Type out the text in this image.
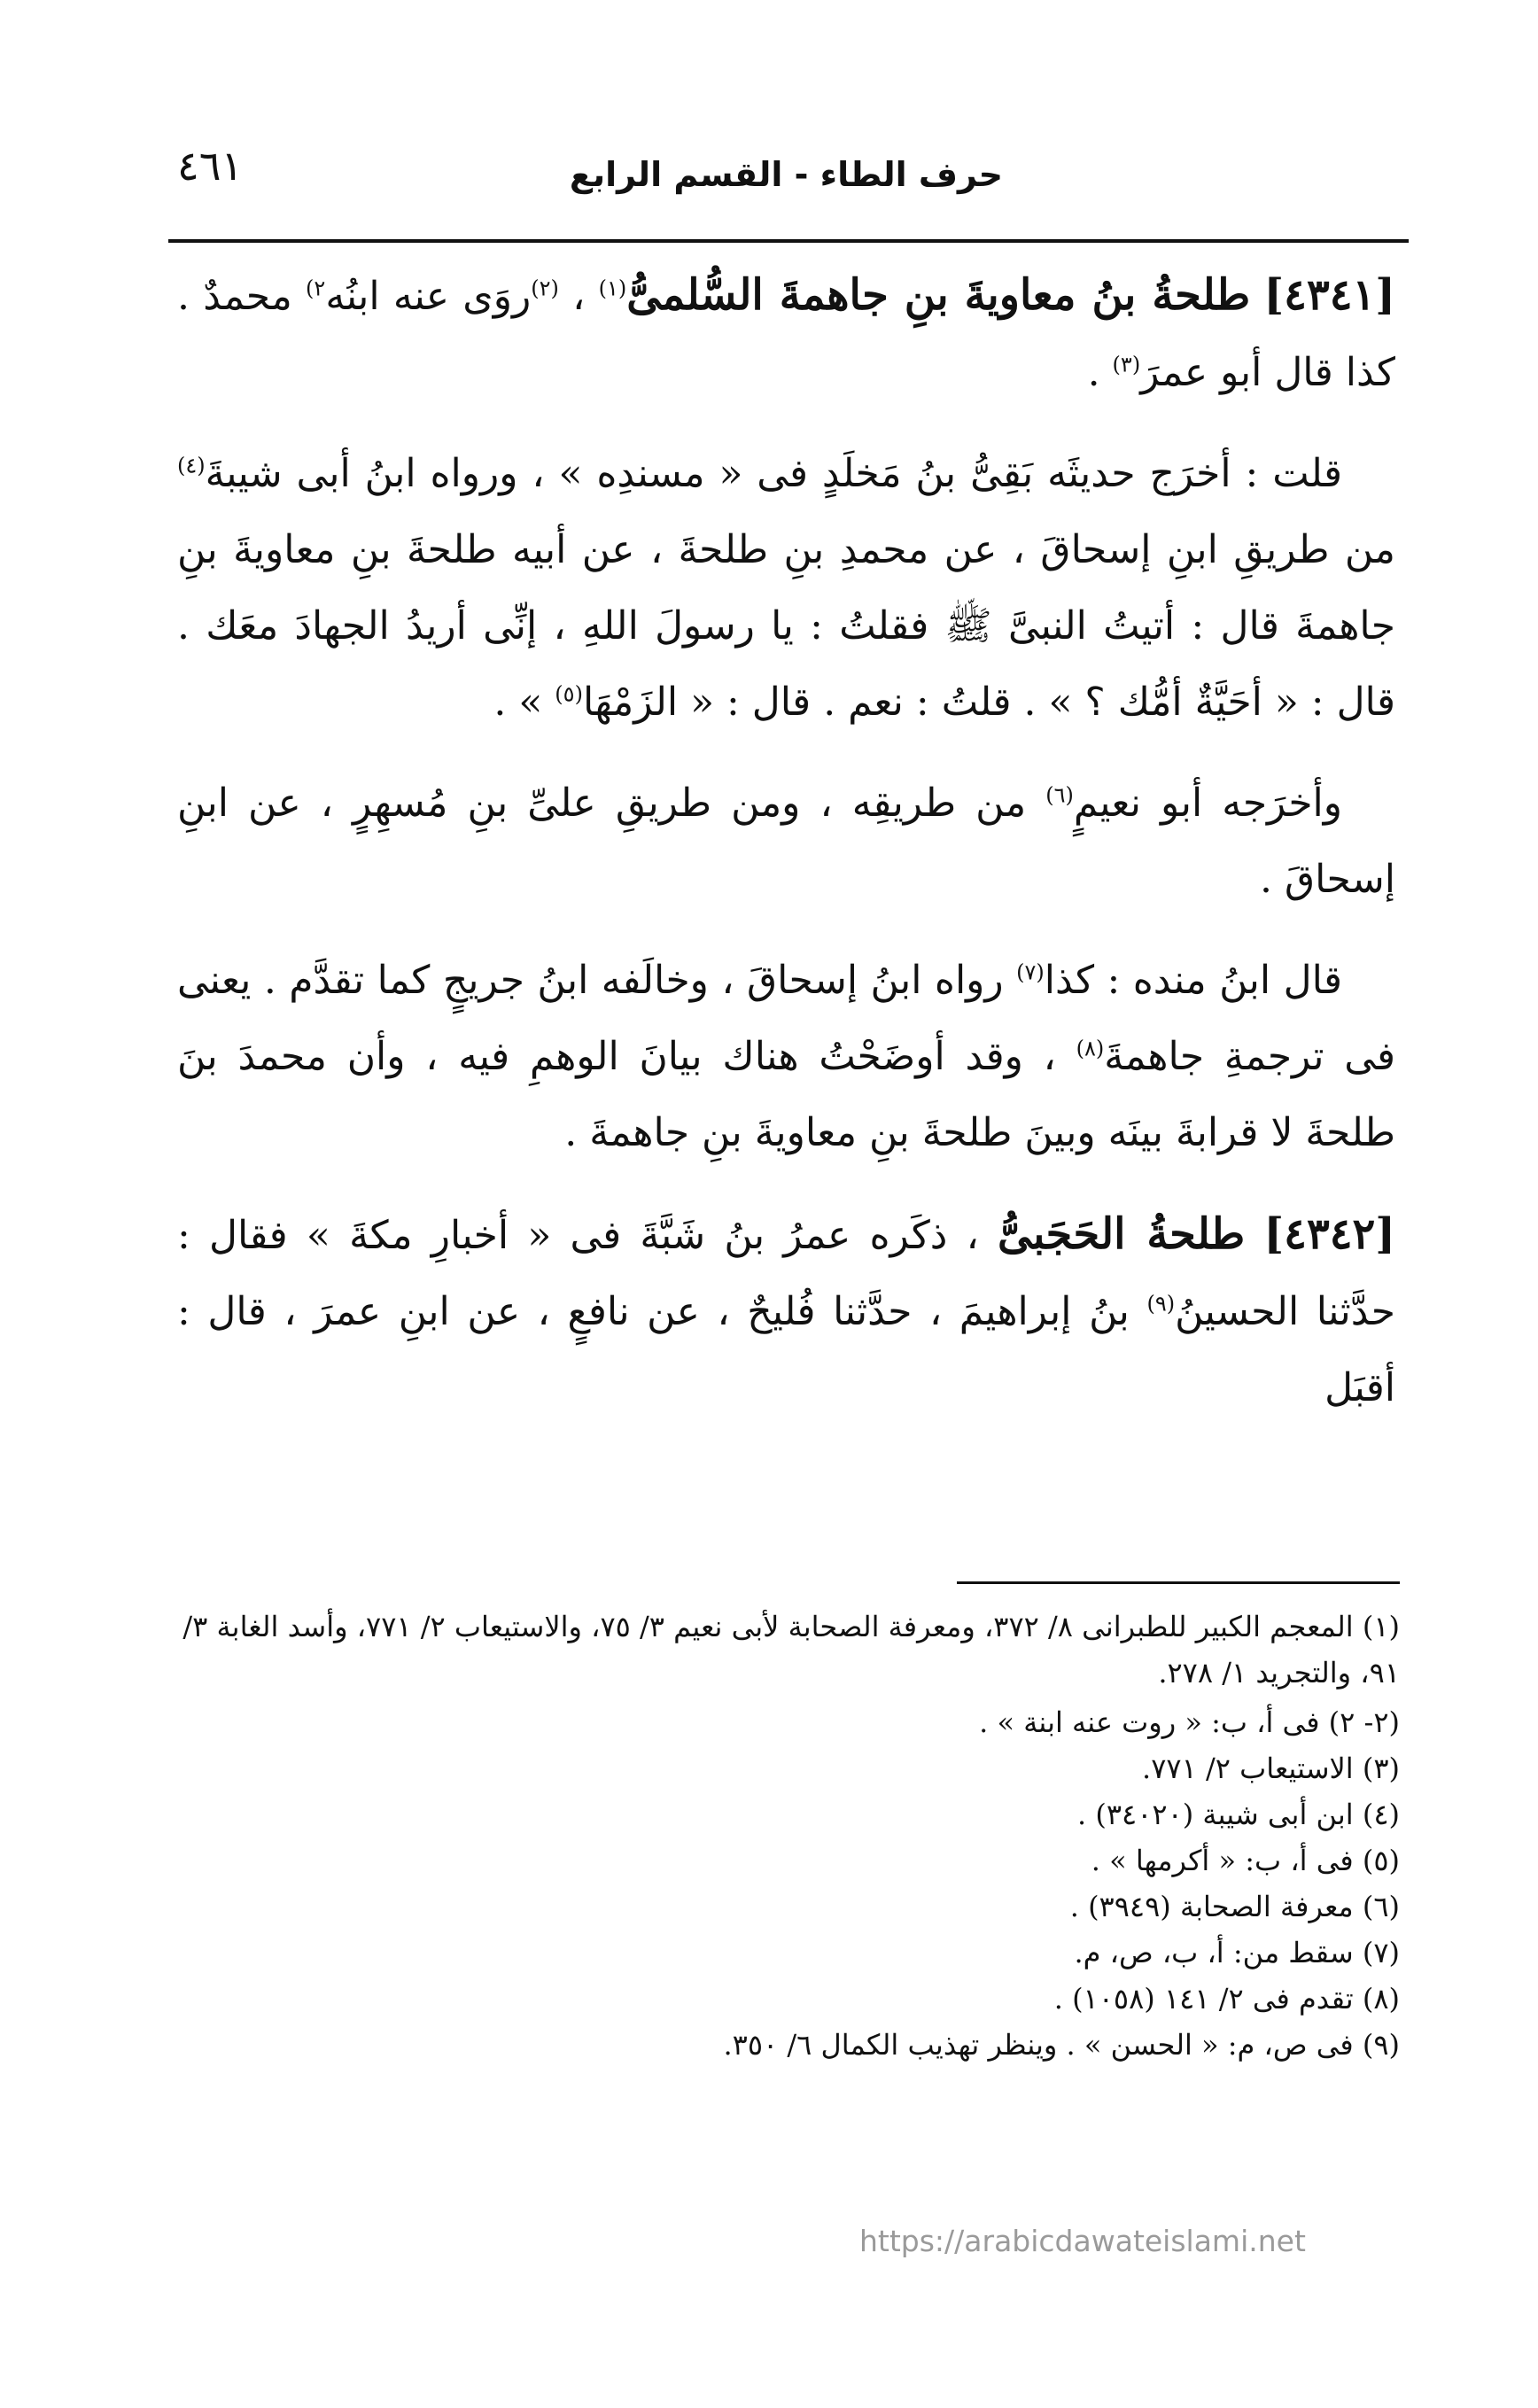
٤٦١	حرف الطاء - القسم الرابع

[٤٣٤١] طلحةُ بنُ معاويةَ بنِ جاهمةَ السُّلمىُّ$^{(١)}$ ، $^{(٢)}$روَى عنه ابنُه$^{٢)}$ محمدٌ . كذا قال أبو عمرَ$^{(٣)}$ .

قلت : أخرَج حديثَه بَقِىُّ بنُ مَخلَدٍ فى « مسندِه » ، ورواه ابنُ أبى شيبةَ$^{(٤)}$ من طريقِ ابنِ إسحاقَ ، عن محمدِ بنِ طلحةَ ، عن أبيه طلحةَ بنِ معاويةَ بنِ جاهمةَ قال : أتيتُ النبىَّ ﷺ فقلتُ : يا رسولَ اللهِ ، إنِّى أريدُ الجهادَ معَك . قال : « أحَيَّةٌ أمُّك ؟ » . قلتُ : نعم . قال : « الزَمْهَا$^{(٥)}$ » .

وأخرَجه أبو نعيمٍ$^{(٦)}$ من طريقِه ، ومن طريقِ علىِّ بنِ مُسهِرٍ ، عن ابنِ إسحاقَ .

قال ابنُ منده : كذا$^{(٧)}$ رواه ابنُ إسحاقَ ، وخالَفه ابنُ جريجٍ كما تقدَّم . يعنى فى ترجمةِ جاهمةَ$^{(٨)}$ ، وقد أوضَحْتُ هناك بيانَ الوهمِ فيه ، وأن محمدَ بنَ طلحةَ لا قرابةَ بينَه وبينَ طلحةَ بنِ معاويةَ بنِ جاهمةَ .

[٤٣٤٢] طلحةُ الحَجَبىُّ ، ذكَره عمرُ بنُ شَبَّةَ فى « أخبارِ مكةَ » فقال : حدَّثنا الحسينُ$^{(٩)}$ بنُ إبراهيمَ ، حدَّثنا فُليحٌ ، عن نافعٍ ، عن ابنِ عمرَ ، قال : أقبَل

(١) المعجم الكبير للطبرانى ٨/ ٣٧٢، ومعرفة الصحابة لأبى نعيم ٣/ ٧٥، والاستيعاب ٢/ ٧٧١، وأسد الغابة ٣/ ٩١، والتجريد ١/ ٢٧٨.

(٢- ٢) فى أ، ب: « روت عنه ابنة » .

(٣) الاستيعاب ٢/ ٧٧١.

(٤) ابن أبى شيبة (٣٤٠٢٠) .

(٥) فى أ، ب: « أكرمها » .

(٦) معرفة الصحابة (٣٩٤٩) .

(٧) سقط من: أ، ب، ص، م.

(٨) تقدم فى ٢/ ١٤١ (١٠٥٨) .

(٩) فى ص، م: « الحسن » . وينظر تهذيب الكمال ٦/ ٣٥٠.

https://arabicdawateislami.net
